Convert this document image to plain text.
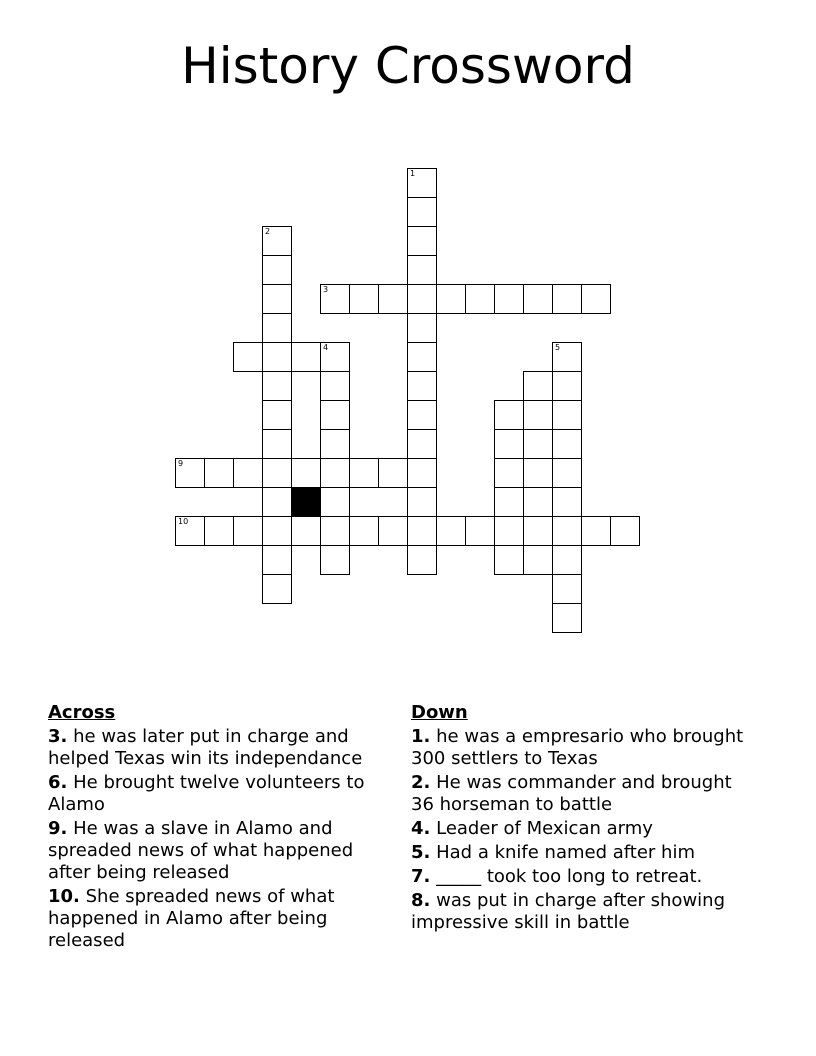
History Crossword
1
2
3
4	5
9
10
Across
3. he was later put in charge and helped Texas win its independance
6. He brought twelve volunteers to Alamo
9. He was a slave in Alamo and spreaded news of what happened after being released
10. She spreaded news of what happened in Alamo after being released
Down
1. he was a empresario who brought 300 settlers to Texas
2. He was commander and brought 36 horseman to battle
4. Leader of Mexican army
5. Had a knife named after him
7. _____ took too long to retreat.
8. was put in charge after showing impressive skill in battle
